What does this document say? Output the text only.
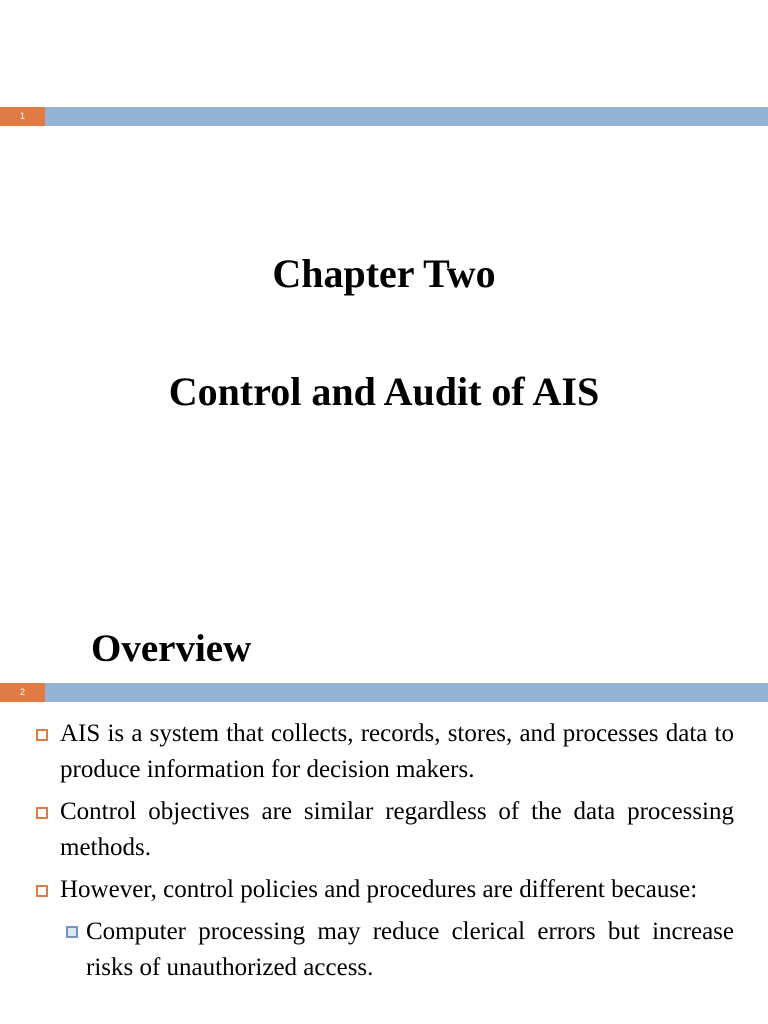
1
Chapter Two
Control and Audit of AIS
Overview
2
AIS is a system that collects, records, stores, and processes data to produce information for decision makers.
Control objectives are similar regardless of the data processing methods.
However, control policies and procedures are different because:
Computer processing may reduce clerical errors but increase risks of unauthorized access.
